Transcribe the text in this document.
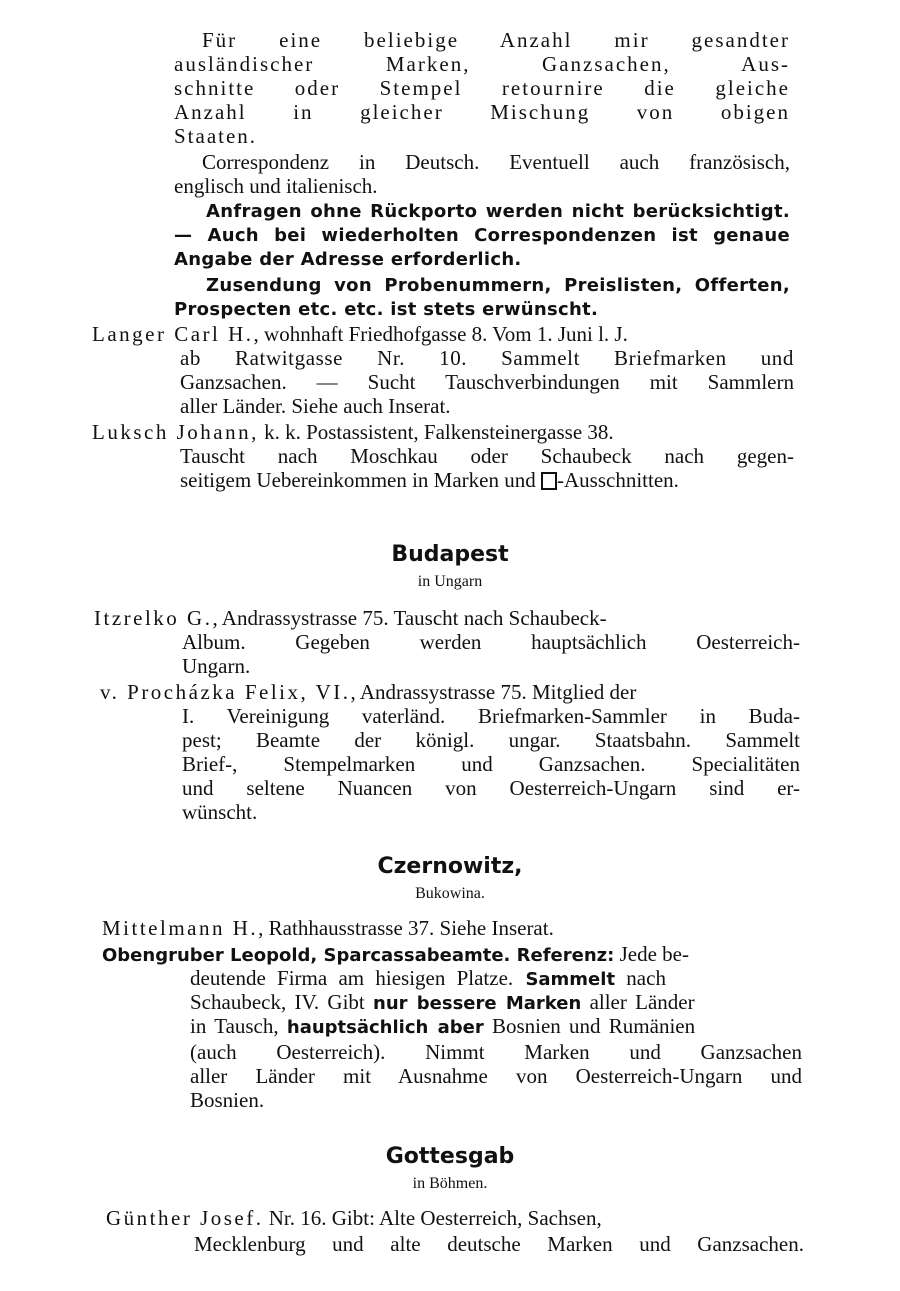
Für eine beliebige Anzahl mir gesandter
ausländischer Marken, Ganzsachen, Aus-
schnitte oder Stempel retournire die gleiche
Anzahl in gleicher Mischung von obigen
Staaten.
Correspondenz in Deutsch. Eventuell auch französisch,
englisch und italienisch.
Anfragen ohne Rückporto werden nicht berücksichtigt.
— Auch bei wiederholten Correspondenzen ist genaue
Angabe der Adresse erforderlich.
Zusendung von Probenummern, Preislisten, Offerten,
Prospecten etc. etc. ist stets erwünscht.
Langer Carl H., wohnhaft Friedhofgasse 8. Vom 1. Juni l. J.
ab Ratwitgasse Nr. 10. Sammelt Briefmarken und
Ganzsachen. — Sucht Tauschverbindungen mit Sammlern
aller Länder. Siehe auch Inserat.
Luksch Johann, k. k. Postassistent, Falkensteinergasse 38.
Tauscht nach Moschkau oder Schaubeck nach gegen-
seitigem Uebereinkommen in Marken und -Ausschnitten.
Budapest
in Ungarn
Itzrelko G., Andrassystrasse 75. Tauscht nach Schaubeck-
Album. Gegeben werden hauptsächlich Oesterreich-
Ungarn.
v. Procházka Felix, VI., Andrassystrasse 75. Mitglied der
I. Vereinigung vaterländ. Briefmarken-Sammler in Buda-
pest; Beamte der königl. ungar. Staatsbahn. Sammelt
Brief-, Stempelmarken und Ganzsachen. Specialitäten
und seltene Nuancen von Oesterreich-Ungarn sind er-
wünscht.
Czernowitz,
Bukowina.
Mittelmann H., Rathhausstrasse 37. Siehe Inserat.
Obengruber Leopold, Sparcassabeamte. Referenz: Jede be-
deutende Firma am hiesigen Platze. Sammelt nach
Schaubeck, IV. Gibt nur bessere Marken aller Länder
in Tausch, hauptsächlich aber Bosnien und Rumänien
(auch Oesterreich). Nimmt Marken und Ganzsachen
aller Länder mit Ausnahme von Oesterreich-Ungarn und
Bosnien.
Gottesgab
in Böhmen.
Günther Josef. Nr. 16. Gibt: Alte Oesterreich, Sachsen,
Mecklenburg und alte deutsche Marken und Ganzsachen.
